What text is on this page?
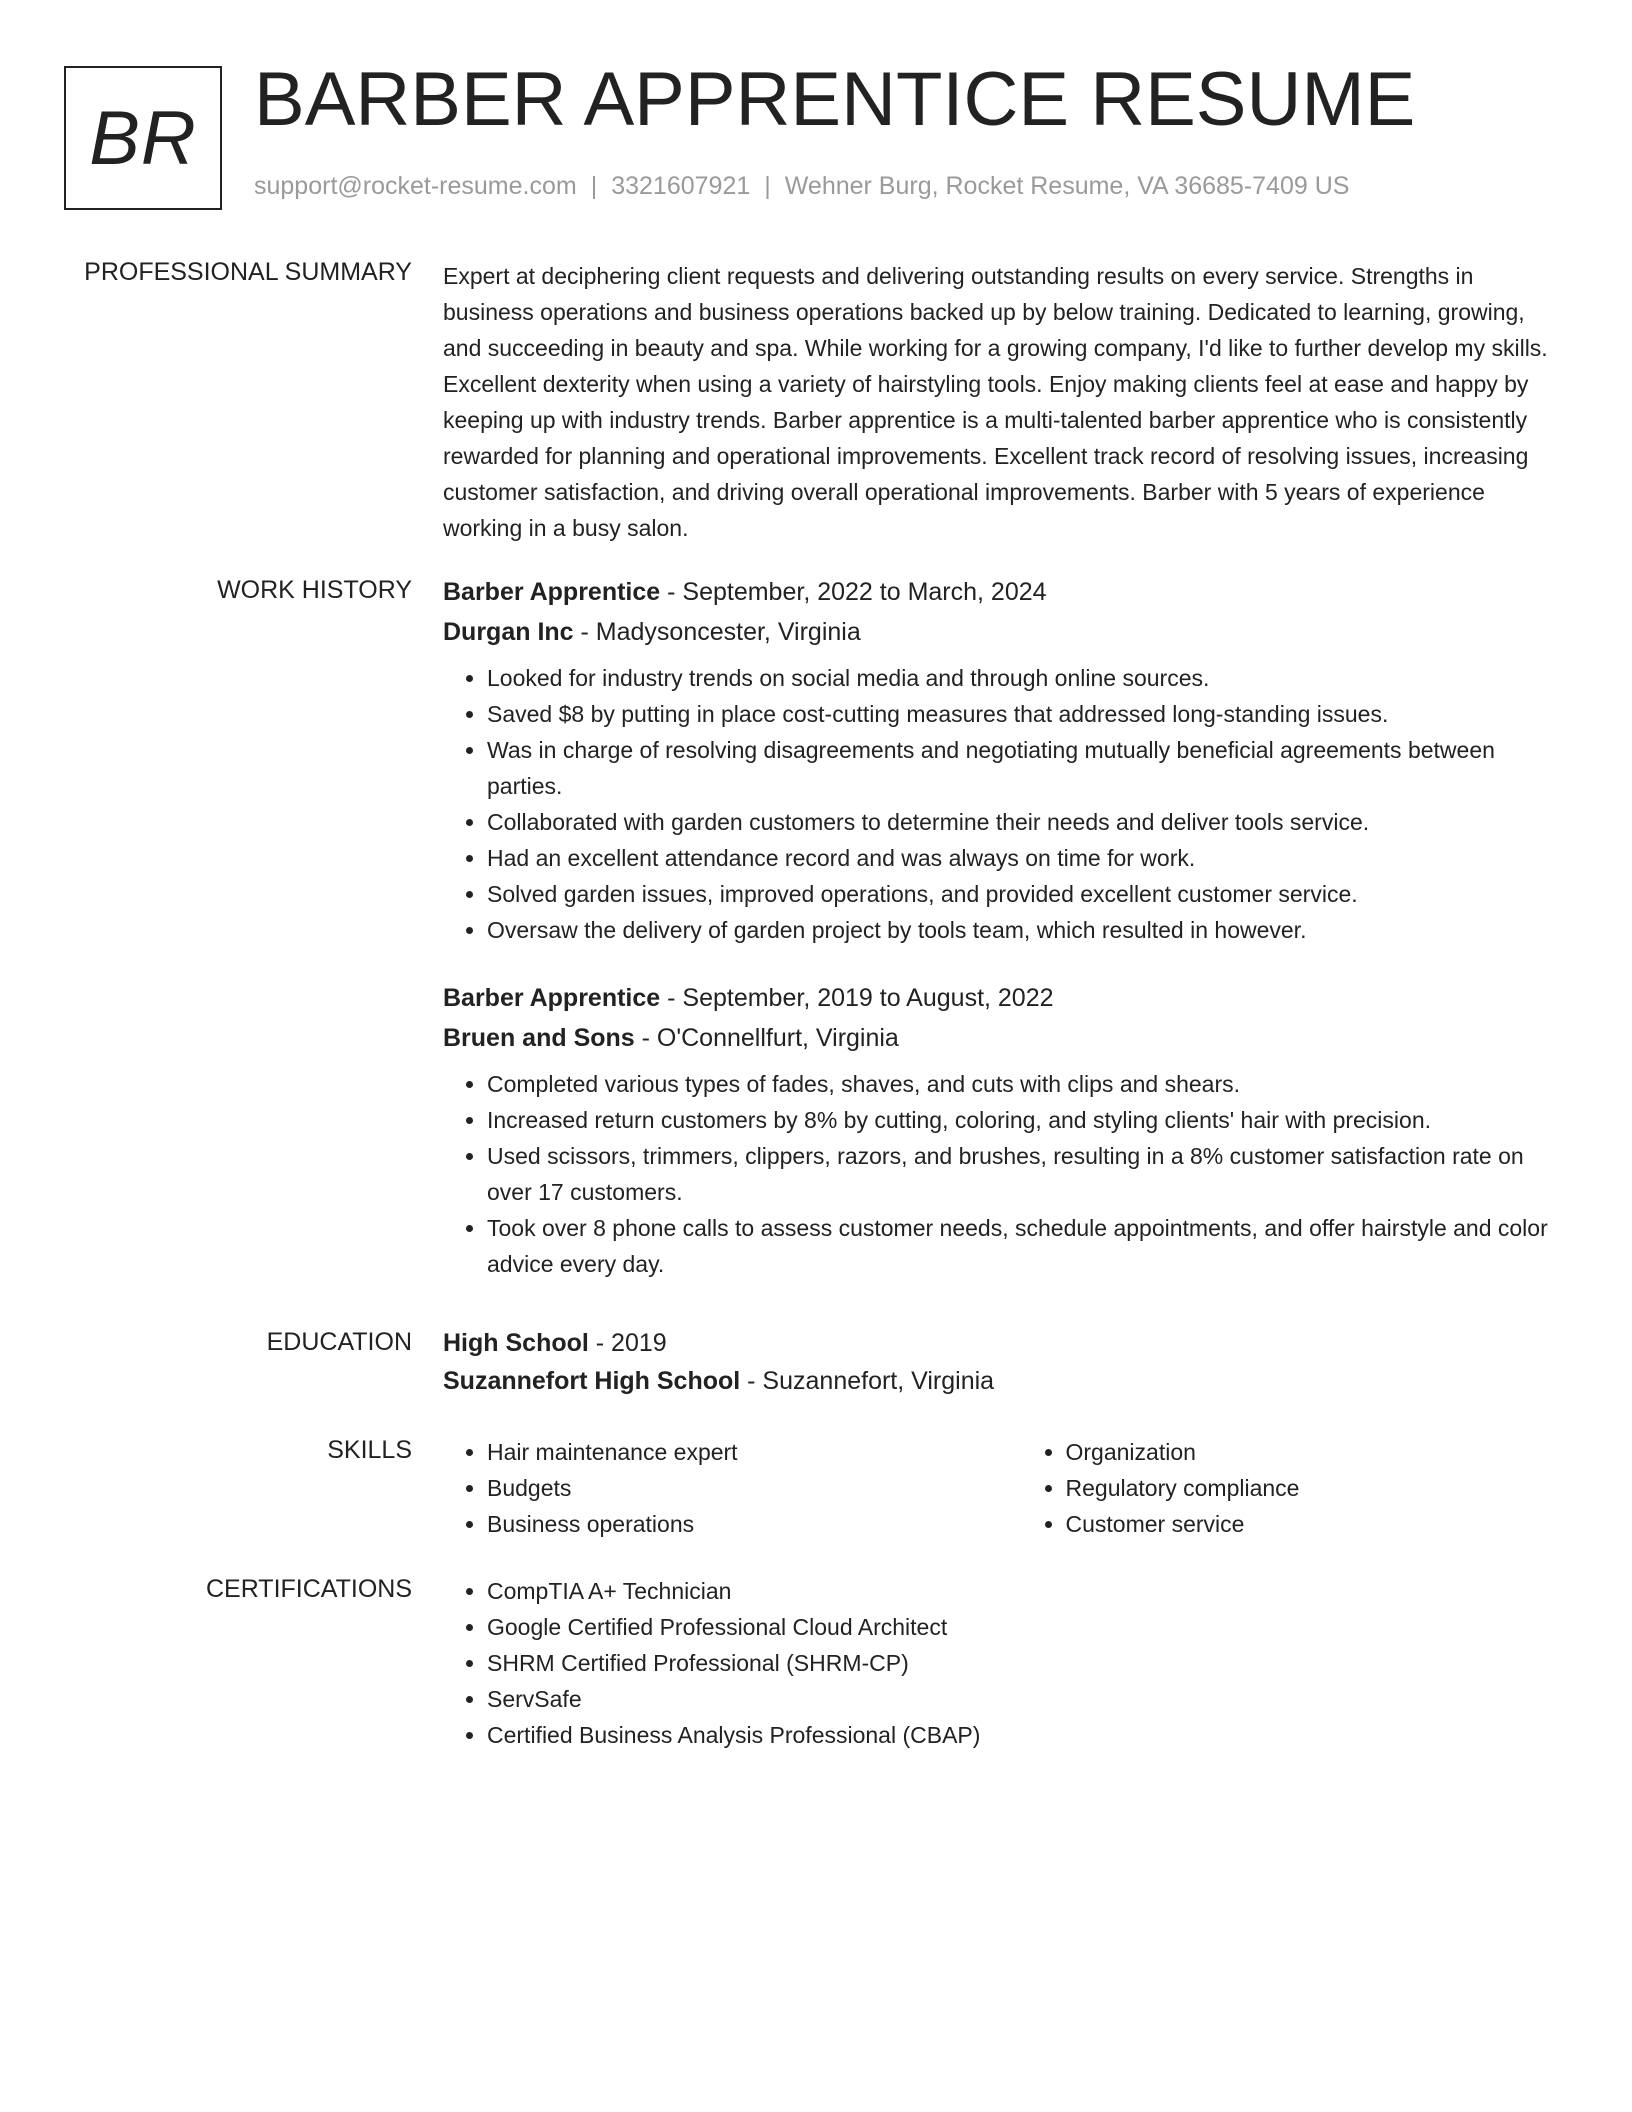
BR BARBER APPRENTICE RESUME
support@rocket-resume.com | 3321607921 | Wehner Burg, Rocket Resume, VA 36685-7409 US
PROFESSIONAL SUMMARY Expert at deciphering client requests and delivering outstanding results on every service. Strengths in business operations and business operations backed up by below training. Dedicated to learning, growing, and succeeding in beauty and spa. While working for a growing company, I'd like to further develop my skills. Excellent dexterity when using a variety of hairstyling tools. Enjoy making clients feel at ease and happy by keeping up with industry trends. Barber apprentice is a multi-talented barber apprentice who is consistently rewarded for planning and operational improvements. Excellent track record of resolving issues, increasing customer satisfaction, and driving overall operational improvements. Barber with 5 years of experience working in a busy salon.

WORK HISTORY Barber Apprentice - September, 2022 to March, 2024
Durgan Inc - Madysoncester, Virginia
• Looked for industry trends on social media and through online sources.
• Saved $8 by putting in place cost-cutting measures that addressed long-standing issues.
• Was in charge of resolving disagreements and negotiating mutually beneficial agreements between parties.
• Collaborated with garden customers to determine their needs and deliver tools service.
• Had an excellent attendance record and was always on time for work.
• Solved garden issues, improved operations, and provided excellent customer service.
• Oversaw the delivery of garden project by tools team, which resulted in however.
Barber Apprentice - September, 2019 to August, 2022
Bruen and Sons - O'Connellfurt, Virginia
• Completed various types of fades, shaves, and cuts with clips and shears.
• Increased return customers by 8% by cutting, coloring, and styling clients' hair with precision.
• Used scissors, trimmers, clippers, razors, and brushes, resulting in a 8% customer satisfaction rate on over 17 customers.
• Took over 8 phone calls to assess customer needs, schedule appointments, and offer hairstyle and color advice every day.
EDUCATION High School - 2019
Suzannefort High School - Suzannefort, Virginia
SKILLS	• Hair maintenance expert
• Budgets
• Business operations
• Organization
• Regulatory compliance
• Customer service
CERTIFICATIONS	• CompTIA A+ Technician
• Google Certified Professional Cloud Architect
• SHRM Certified Professional (SHRM-CP)
• ServSafe
• Certified Business Analysis Professional (CBAP)
